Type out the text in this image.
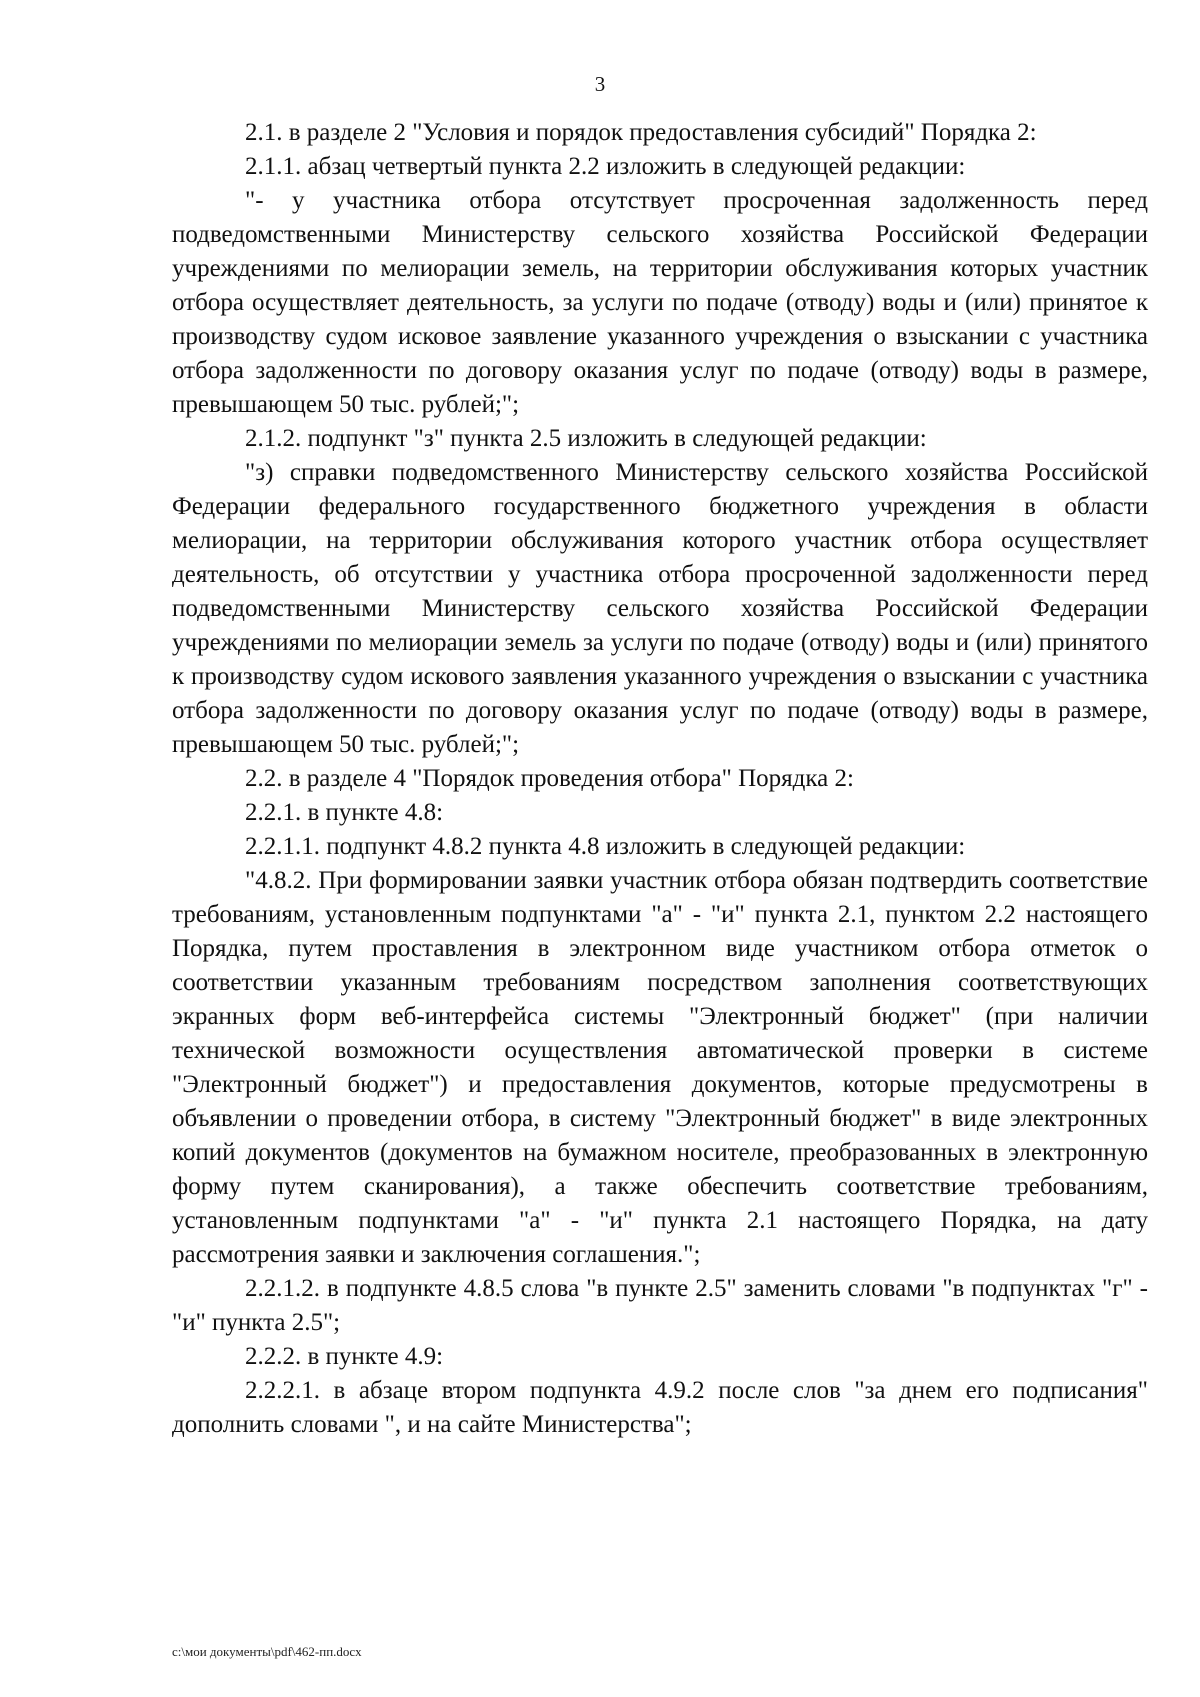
3

2.1. в разделе 2 "Условия и порядок предоставления субсидий" Порядка 2:

2.1.1. абзац четвертый пункта 2.2 изложить в следующей редакции:

"- у участника отбора отсутствует просроченная задолженность перед подведомственными Министерству сельского хозяйства Российской Федерации учреждениями по мелиорации земель, на территории обслуживания которых участник отбора осуществляет деятельность, за услуги по подаче (отводу) воды и (или) принятое к производству судом исковое заявление указанного учреждения о взыскании с участника отбора задолженности по договору оказания услуг по подаче (отводу) воды в размере, превышающем 50 тыс. рублей;";

2.1.2. подпункт "з" пункта 2.5 изложить в следующей редакции:

"з) справки подведомственного Министерству сельского хозяйства Российской Федерации федерального государственного бюджетного учреждения в области мелиорации, на территории обслуживания которого участник отбора осуществляет деятельность, об отсутствии у участника отбора просроченной задолженности перед подведомственными Министерству сельского хозяйства Российской Федерации учреждениями по мелиорации земель за услуги по подаче (отводу) воды и (или) принятого к производству судом искового заявления указанного учреждения о взыскании с участника отбора задолженности по договору оказания услуг по подаче (отводу) воды в размере, превышающем 50 тыс. рублей;";

2.2. в разделе 4 "Порядок проведения отбора" Порядка 2:

2.2.1. в пункте 4.8:

2.2.1.1. подпункт 4.8.2 пункта 4.8 изложить в следующей редакции:

"4.8.2. При формировании заявки участник отбора обязан подтвердить соответствие требованиям, установленным подпунктами "а" - "и" пункта 2.1, пунктом 2.2 настоящего Порядка, путем проставления в электронном виде участником отбора отметок о соответствии указанным требованиям посредством заполнения соответствующих экранных форм веб-интерфейса системы "Электронный бюджет" (при наличии технической возможности осуществления автоматической проверки в системе "Электронный бюджет") и предоставления документов, которые предусмотрены в объявлении о проведении отбора, в систему "Электронный бюджет" в виде электронных копий документов (документов на бумажном носителе, преобразованных в электронную форму путем сканирования), а также обеспечить соответствие требованиям, установленным подпунктами "а" - "и" пункта 2.1 настоящего Порядка, на дату рассмотрения заявки и заключения соглашения.";

2.2.1.2. в подпункте 4.8.5 слова "в пункте 2.5" заменить словами "в подпунктах "г" - "и" пункта 2.5";

2.2.2. в пункте 4.9:

2.2.2.1. в абзаце втором подпункта 4.9.2 после слов "за днем его подписания" дополнить словами ", и на сайте Министерства";

c:\мои документы\pdf\462-пп.docx
